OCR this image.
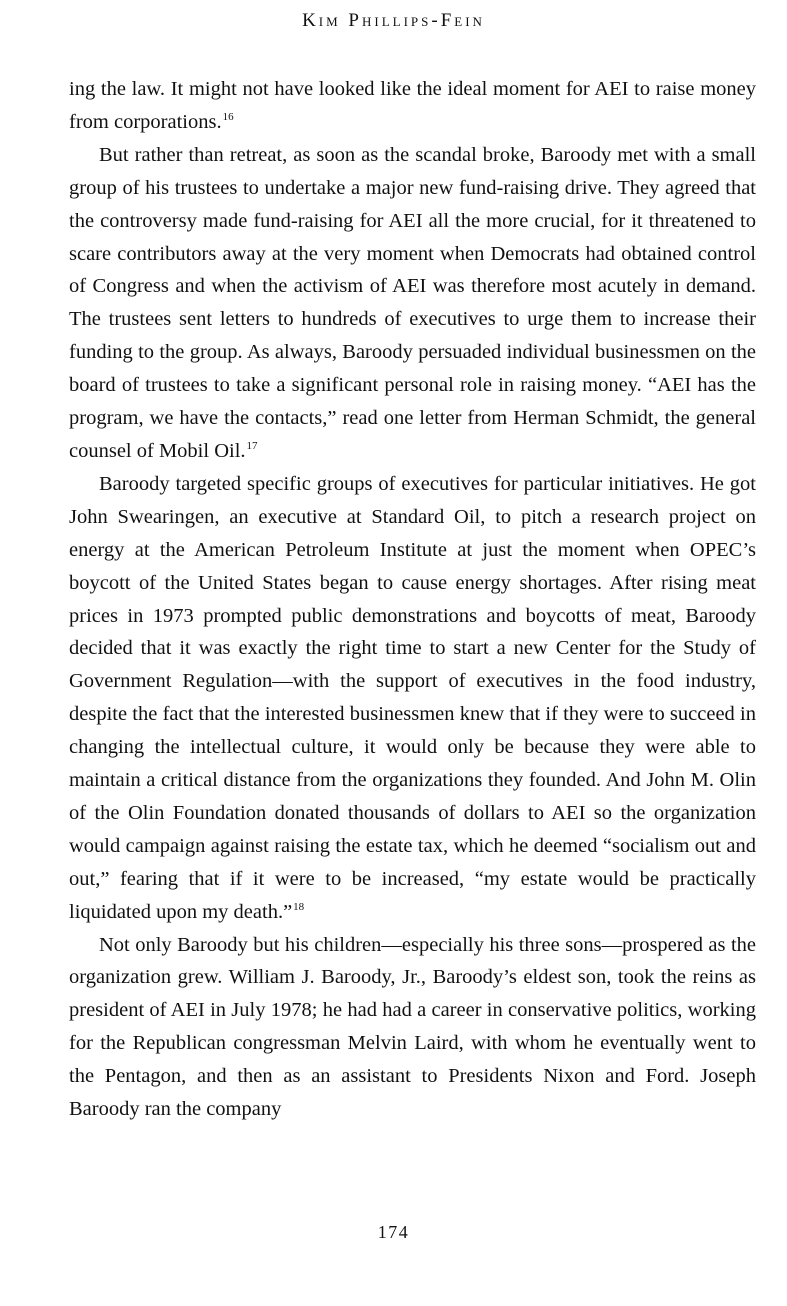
Kim Phillips-Fein

ing the law. It might not have looked like the ideal moment for AEI to raise money from corporations.$^{16}$

But rather than retreat, as soon as the scandal broke, Baroody met with a small group of his trustees to undertake a major new fund-raising drive. They agreed that the controversy made fund-raising for AEI all the more crucial, for it threatened to scare contributors away at the very moment when Democrats had obtained control of Congress and when the activism of AEI was therefore most acutely in demand. The trustees sent letters to hundreds of executives to urge them to increase their funding to the group. As always, Baroody persuaded individual businessmen on the board of trustees to take a significant personal role in raising money. “AEI has the program, we have the contacts,” read one letter from Herman Schmidt, the general counsel of Mobil Oil.$^{17}$

Baroody targeted specific groups of executives for particular initiatives. He got John Swearingen, an executive at Standard Oil, to pitch a research project on energy at the American Petroleum Institute at just the moment when OPEC’s boycott of the United States began to cause energy shortages. After rising meat prices in 1973 prompted public demonstrations and boycotts of meat, Baroody decided that it was exactly the right time to start a new Center for the Study of Government Regulation—with the support of executives in the food industry, despite the fact that the interested businessmen knew that if they were to succeed in changing the intellectual culture, it would only be because they were able to maintain a critical distance from the organizations they founded. And John M. Olin of the Olin Foundation donated thousands of dollars to AEI so the organization would campaign against raising the estate tax, which he deemed “socialism out and out,” fearing that if it were to be increased, “my estate would be practically liquidated upon my death.”$^{18}$

Not only Baroody but his children—especially his three sons—prospered as the organization grew. William J. Baroody, Jr., Baroody’s eldest son, took the reins as president of AEI in July 1978; he had had a career in conservative politics, working for the Republican congressman Melvin Laird, with whom he eventually went to the Pentagon, and then as an assistant to Presidents Nixon and Ford. Joseph Baroody ran the company

174
